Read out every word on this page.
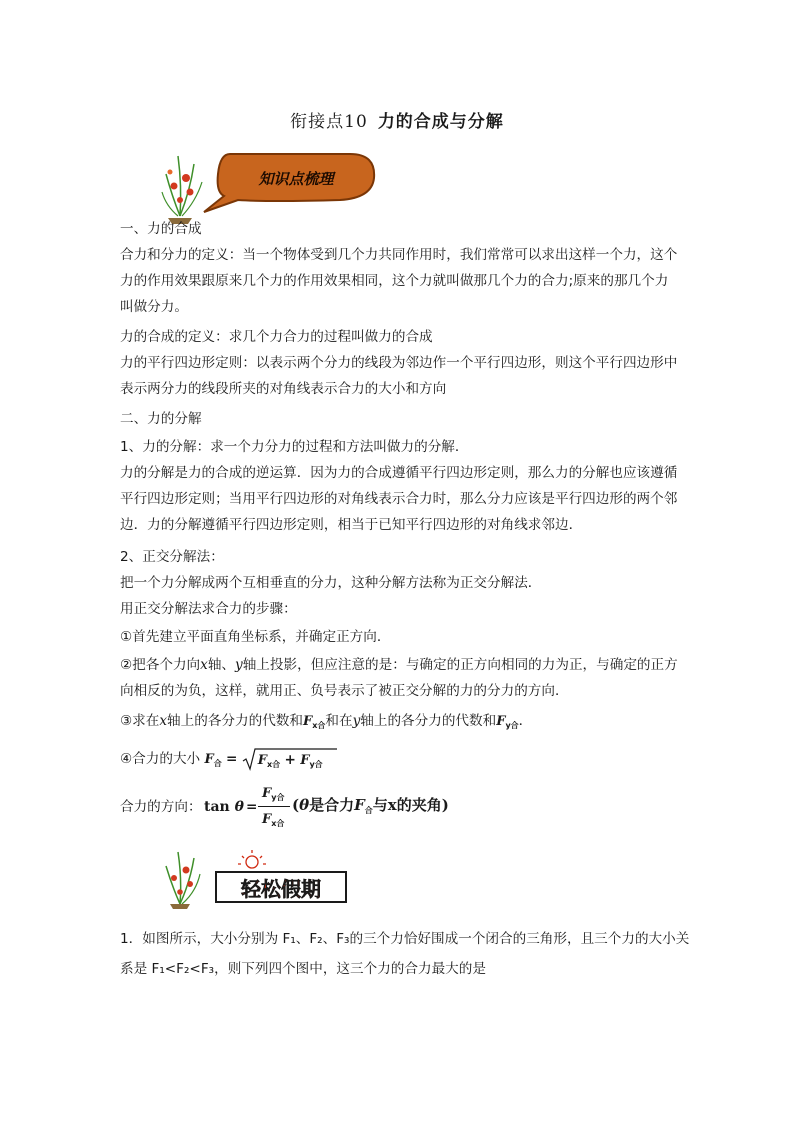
衔接点10 力的合成与分解
知识点梳理
一、力的合成
合力和分力的定义：当一个物体受到几个力共同作用时，我们常常可以求出这样一个力，这个力的作用效果跟原来几个力的作用效果相同，这个力就叫做那几个力的合力;原来的那几个力叫做分力。
力的合成的定义：求几个力合力的过程叫做力的合成
力的平行四边形定则：以表示两个分力的线段为邻边作一个平行四边形，则这个平行四边形中表示两分力的线段所夹的对角线表示合力的大小和方向
二、力的分解
1、力的分解：求一个力分力的过程和方法叫做力的分解．
力的分解是力的合成的逆运算．因为力的合成遵循平行四边形定则，那么力的分解也应该遵循平行四边形定则；当用平行四边形的对角线表示合力时，那么分力应该是平行四边形的两个邻边．力的分解遵循平行四边形定则，相当于已知平行四边形的对角线求邻边．
2、正交分解法：
把一个力分解成两个互相垂直的分力，这种分解方法称为正交分解法．
用正交分解法求合力的步骤：
①首先建立平面直角坐标系，并确定正方向．
②把各个力向x轴、y轴上投影，但应注意的是：与确定的正方向相同的力为正，与确定的正方向相反的为负，这样，就用正、负号表示了被正交分解的力的分力的方向．
③求在x轴上的各分力的代数和$F_{x合}$和在y轴上的各分力的代数和$F_{y合}$．
④合力的大小 $F_合 = F_{x合} + F_{y合}$
合力的方向： tan θ =
$F_{y合}$
$F_{x合}$
(θ是合力$F_合$与x的夹角)
轻松假期
1．如图所示，大小分别为 F₁、F₂、F₃的三个力恰好围成一个闭合的三角形，且三个力的大小关系是 F₁<F₂<F₃，则下列四个图中，这三个力的合力最大的是
